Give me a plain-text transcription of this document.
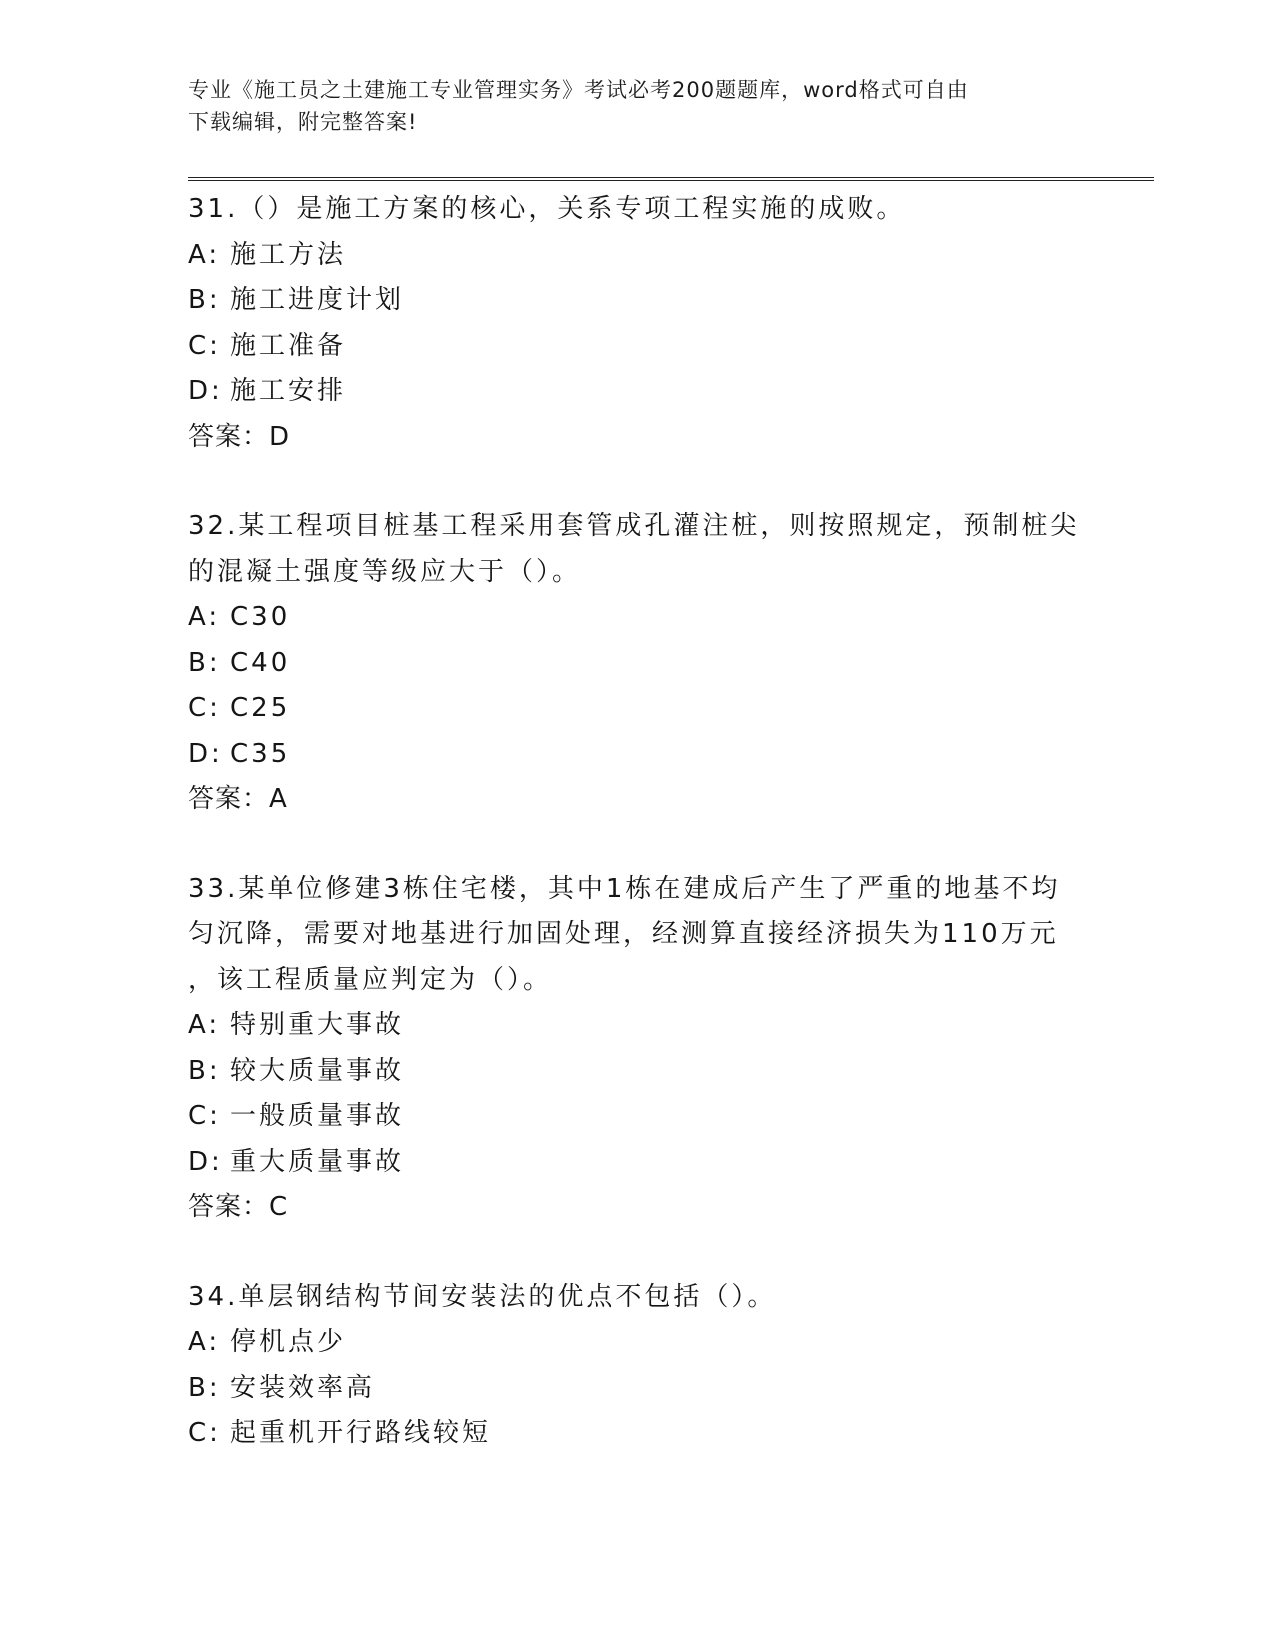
专业《施工员之土建施工专业管理实务》考试必考200题题库，word格式可自由
下载编辑，附完整答案!
31.（）是施工方案的核心，关系专项工程实施的成败。
A: 施工方法
B: 施工进度计划
C: 施工准备
D: 施工安排
答案：D
32.某工程项目桩基工程采用套管成孔灌注桩，则按照规定，预制桩尖
的混凝土强度等级应大于（）。
A: C30
B: C40
C: C25
D: C35
答案：A
33.某单位修建3栋住宅楼，其中1栋在建成后产生了严重的地基不均
匀沉降，需要对地基进行加固处理，经测算直接经济损失为110万元
，该工程质量应判定为（）。
A: 特别重大事故
B: 较大质量事故
C: 一般质量事故
D: 重大质量事故
答案：C
34.单层钢结构节间安装法的优点不包括（）。
A: 停机点少
B: 安装效率高
C: 起重机开行路线较短
